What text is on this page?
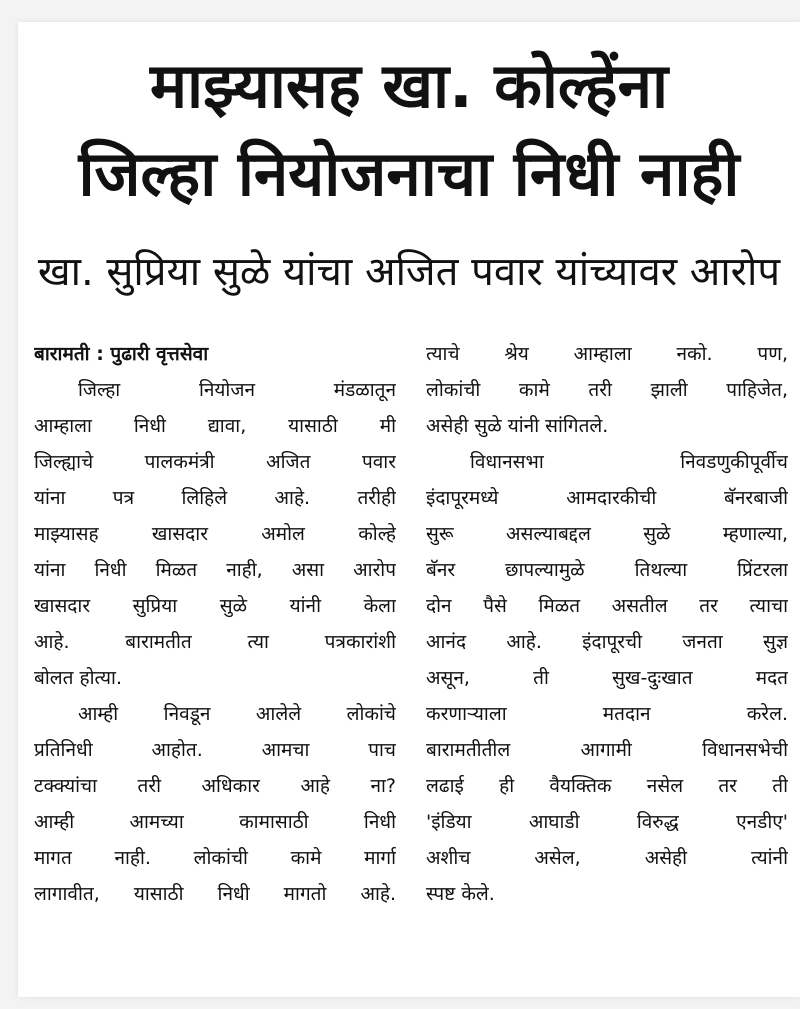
माझ्यासह खा. कोल्हेंना
जिल्हा नियोजनाचा निधी नाही
खा. सुप्रिया सुळे यांचा अजित पवार यांच्यावर आरोप
बारामती : पुढारी वृत्तसेवा
जिल्हा नियोजन मंडळातून
आम्हाला निधी द्यावा, यासाठी मी
जिल्ह्याचे पालकमंत्री अजित पवार
यांना पत्र लिहिले आहे. तरीही
माझ्यासह खासदार अमोल कोल्हे
यांना निधी मिळत नाही, असा आरोप
खासदार सुप्रिया सुळे यांनी केला
आहे. बारामतीत त्या पत्रकारांशी
बोलत होत्या.
आम्ही निवडून आलेले लोकांचे
प्रतिनिधी आहोत. आमचा पाच
टक्क्यांचा तरी अधिकार आहे ना?
आम्ही आमच्या कामासाठी निधी
मागत नाही. लोकांची कामे मार्गा
लागावीत, यासाठी निधी मागतो आहे.
त्याचे श्रेय आम्हाला नको. पण,
लोकांची कामे तरी झाली पाहिजेत,
असेही सुळे यांनी सांगितले.
विधानसभा निवडणुकीपूर्वीच
इंदापूरमध्ये आमदारकीची बॅनरबाजी
सुरू असल्याबद्दल सुळे म्हणाल्या,
बॅनर छापल्यामुळे तिथल्या प्रिंटरला
दोन पैसे मिळत असतील तर त्याचा
आनंद आहे. इंदापूरची जनता सुज्ञ
असून, ती सुख-दुःखात मदत
करणाऱ्याला मतदान करेल.
बारामतीतील आगामी विधानसभेची
लढाई ही वैयक्तिक नसेल तर ती
'इंडिया आघाडी विरुद्ध एनडीए'
अशीच असेल, असेही त्यांनी
स्पष्ट केले.
